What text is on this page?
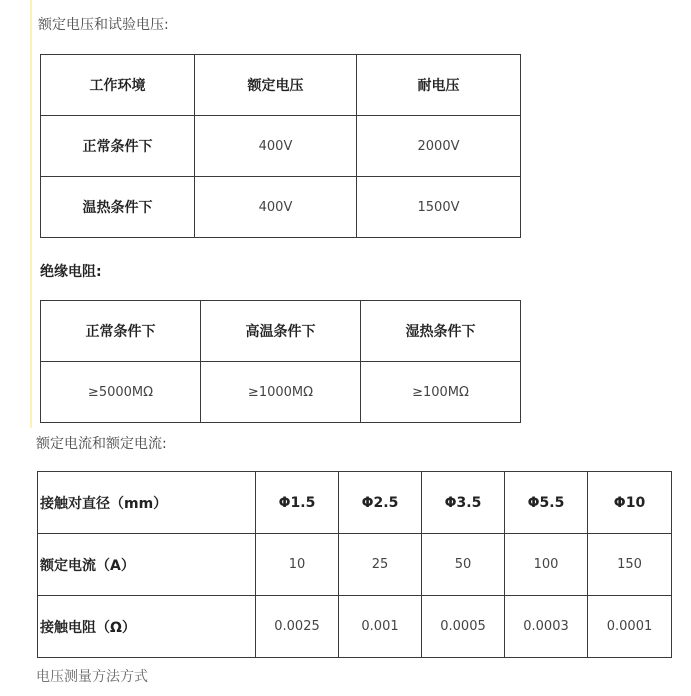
额定电压和试验电压:
工作环境	额定电压	耐电压
正常条件下	400V	2000V
温热条件下	400V	1500V
绝缘电阻:
正常条件下	高温条件下	湿热条件下
≥5000MΩ	≥1000MΩ	≥100MΩ
额定电流和额定电流:
接触对直径（mm）	Φ1.5	Φ2.5	Φ3.5	Φ5.5	Φ10
额定电流（A）	10	25	50	100	150
接触电阻（Ω）	0.0025	0.001	0.0005	0.0003	0.0001
电压测量方法方式
